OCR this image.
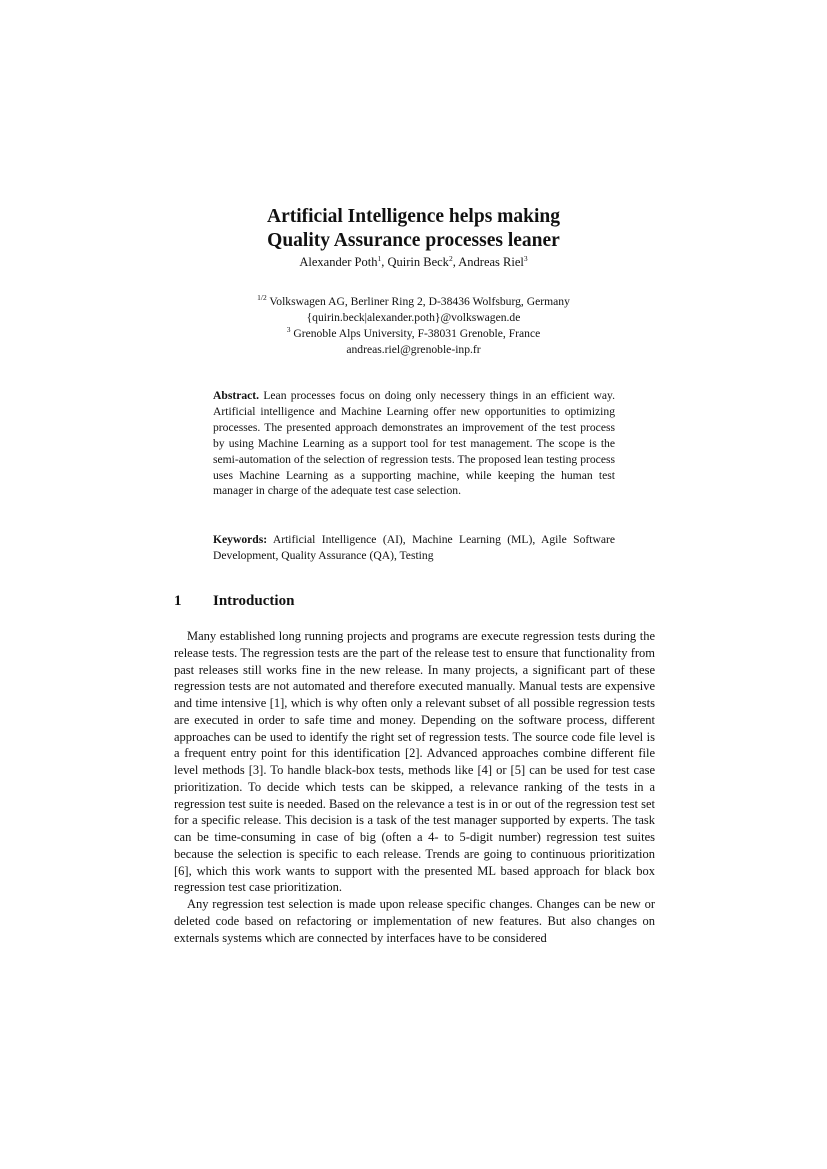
Artificial Intelligence helps making
Quality Assurance processes leaner
Alexander Poth$^1$, Quirin Beck$^2$, Andreas Riel$^3$
$^{1/2}$ Volkswagen AG, Berliner Ring 2, D-38436 Wolfsburg, Germany
{quirin.beck|alexander.poth}@volkswagen.de
$^3$ Grenoble Alps University, F-38031 Grenoble, France
andreas.riel@grenoble-inp.fr

Abstract. Lean processes focus on doing only necessery things in an efficient way. Artificial intelligence and Machine Learning offer new opportunities to optimizing processes. The presented approach demonstrates an improvement of the test process by using Machine Learning as a support tool for test management. The scope is the semi-automation of the selection of regression tests. The proposed lean testing process uses Machine Learning as a supporting machine, while keeping the human test manager in charge of the adequate test case selection.

Keywords: Artificial Intelligence (AI), Machine Learning (ML), Agile Software Development, Quality Assurance (QA), Testing

1 Introduction

Many established long running projects and programs are execute regression tests during the release tests. The regression tests are the part of the release test to ensure that functionality from past releases still works fine in the new release. In many projects, a significant part of these regression tests are not automated and therefore executed manually. Manual tests are expensive and time intensive [1], which is why often only a relevant subset of all possible regression tests are executed in order to safe time and money. Depending on the software process, different approaches can be used to identify the right set of regression tests. The source code file level is a frequent entry point for this identification [2]. Advanced approaches combine different file level methods [3]. To handle black-box tests, methods like [4] or [5] can be used for test case prioritization. To decide which tests can be skipped, a relevance ranking of the tests in a regression test suite is needed. Based on the relevance a test is in or out of the regression test set for a specific release. This decision is a task of the test manager supported by experts. The task can be time-consuming in case of big (often a 4- to 5-digit number) regression test suites because the selection is specific to each release. Trends are going to continuous prioritization [6], which this work wants to support with the presented ML based approach for black box regression test case prioritization.

Any regression test selection is made upon release specific changes. Changes can be new or deleted code based on refactoring or implementation of new features. But also changes on externals systems which are connected by interfaces have to be considered
